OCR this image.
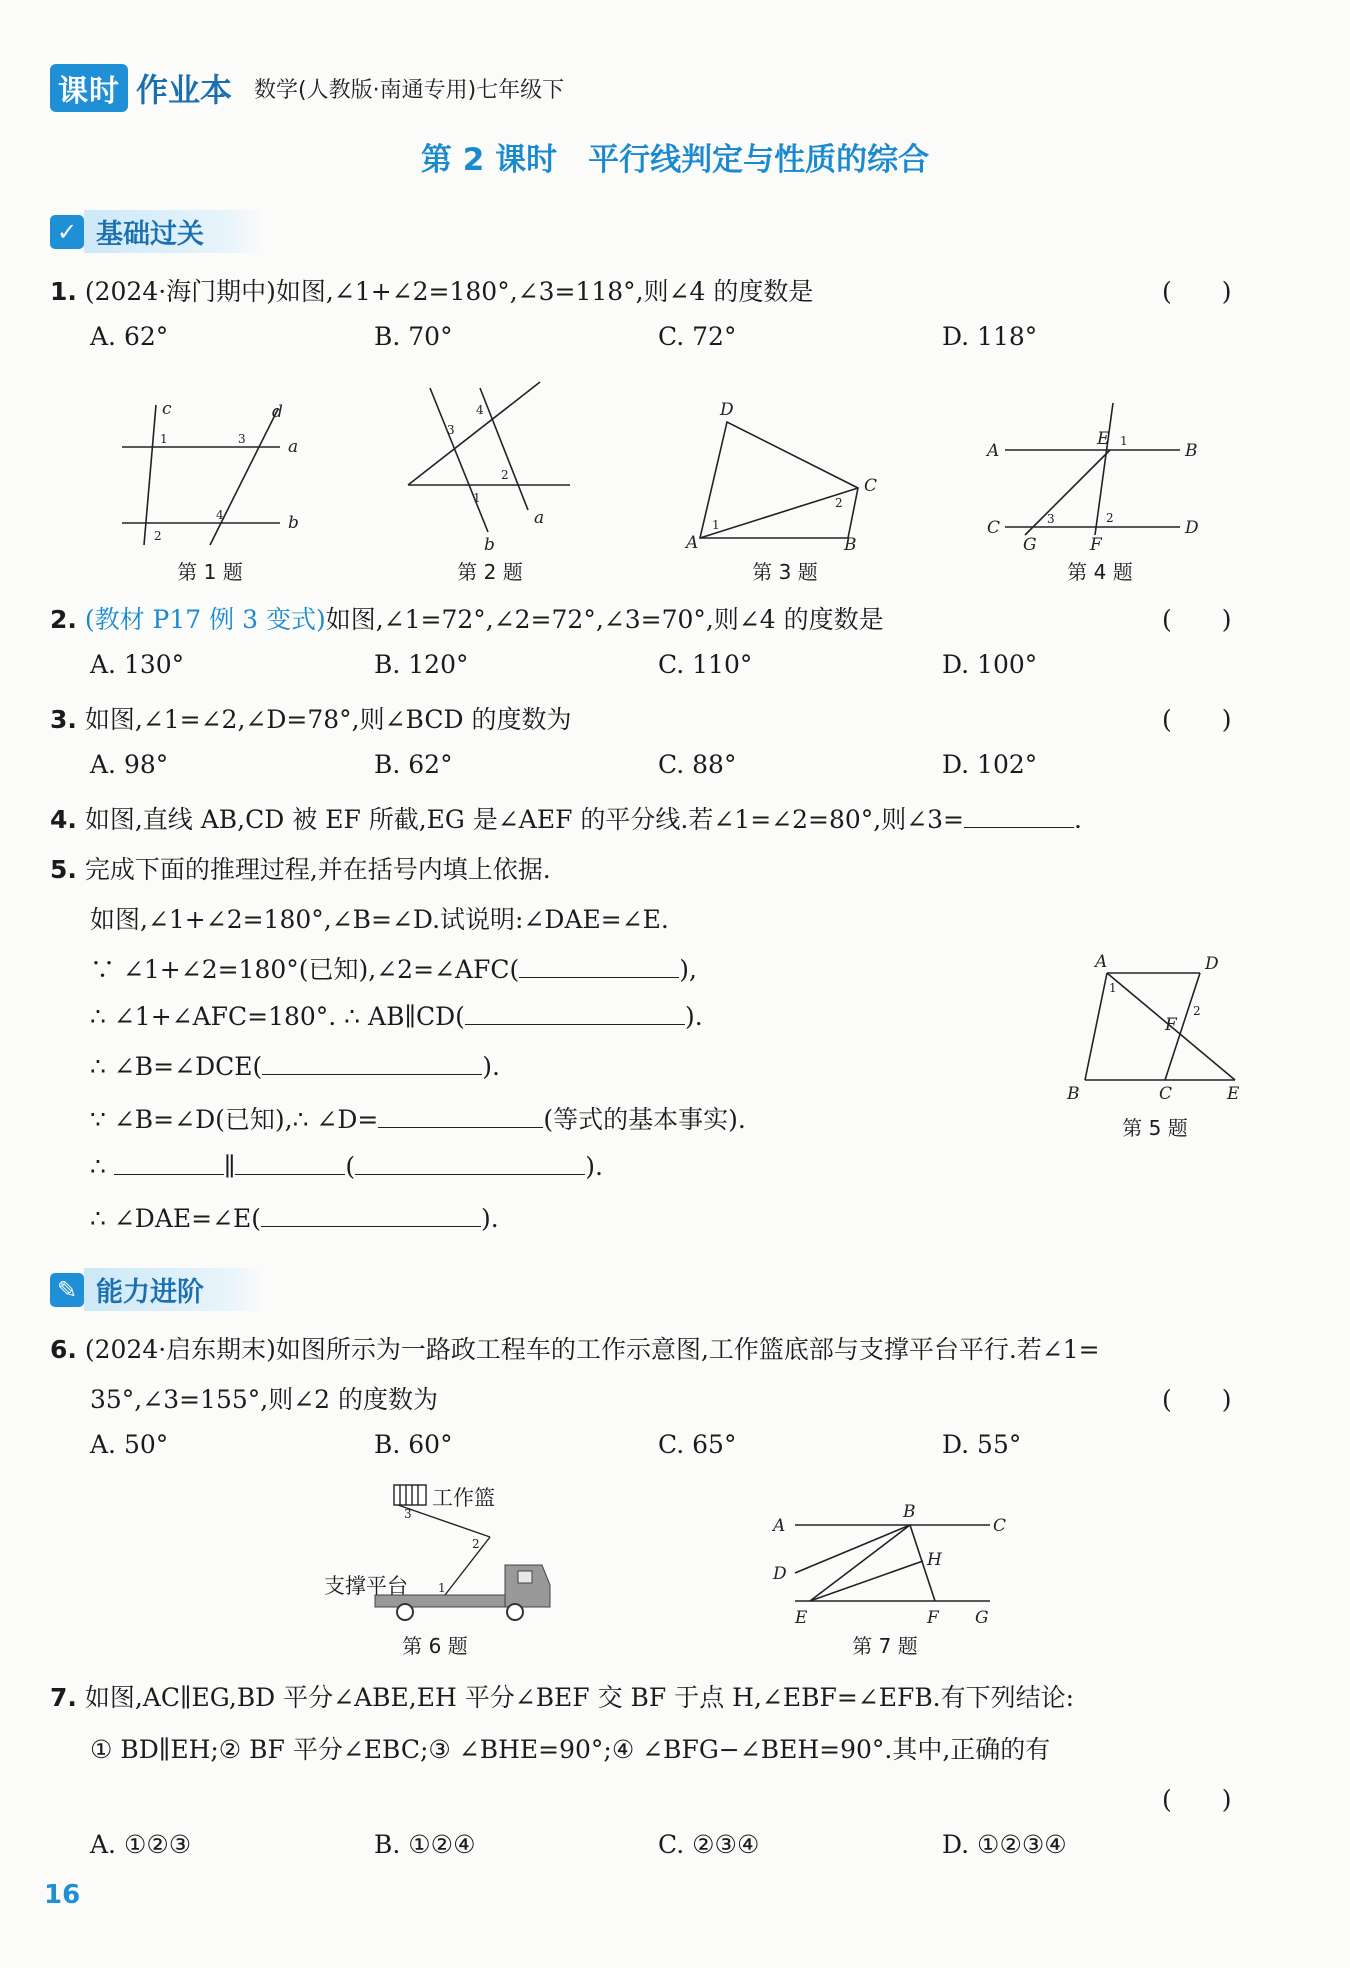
课时 作业本 数学(人教版·南通专用)七年级下
第 2 课时　平行线判定与性质的综合
✓ 基础过关
1. (2024·海门期中)如图,∠1+∠2=180°,∠3=118°,则∠4 的度数是	(　　)
A. 62°	B. 70°	C. 72°	D. 118°
c	d
a
b
1	3
2
4
第 1 题
b
a
4
3
2
1
第 2 题
D
A	B
C
1
2
第 3 题
A	B
C	D
E
G	F
1
2
3
第 4 题
2. (教材 P17 例 3 变式)如图,∠1=72°,∠2=72°,∠3=70°,则∠4 的度数是	(　　)
A. 130°	B. 120°	C. 110°	D. 100°
3. 如图,∠1=∠2,∠D=78°,则∠BCD 的度数为	(　　)
A. 98°	B. 62°	C. 88°	D. 102°
4. 如图,直线 AB,CD 被 EF 所截,EG 是∠AEF 的平分线.若∠1=∠2=80°,则∠3=	.
5. 完成下面的推理过程,并在括号内填上依据.
如图,∠1+∠2=180°,∠B=∠D.试说明:∠DAE=∠E.
∵ ∠1+∠2=180°(已知),∠2=∠AFC(	),
∴ ∠1+∠AFC=180°. ∴ AB∥CD(	).
∴ ∠B=∠DCE(	).
∵ ∠B=∠D(已知),∴ ∠D=	(等式的基本事实).
∴	∥	(	).
∴ ∠DAE=∠E(	).
A	D
B	C	E
F
1
2
第 5 题
✎ 能力进阶
6. (2024·启东期末)如图所示为一路政工程车的工作示意图,工作篮底部与支撑平台平行.若∠1=
35°,∠3=155°,则∠2 的度数为	(　　)
A. 50°	B. 60°	C. 65°	D. 55°
3
2
1
工作篮
支撑平台
第 6 题
A
B
C
D
E	F G
H
第 7 题
7. 如图,AC∥EG,BD 平分∠ABE,EH 平分∠BEF 交 BF 于点 H,∠EBF=∠EFB.有下列结论:
① BD∥EH;② BF 平分∠EBC;③ ∠BHE=90°;④ ∠BFG−∠BEH=90°.其中,正确的有
(　　)
A. ①②③	B. ①②④	C. ②③④	D. ①②③④
16
